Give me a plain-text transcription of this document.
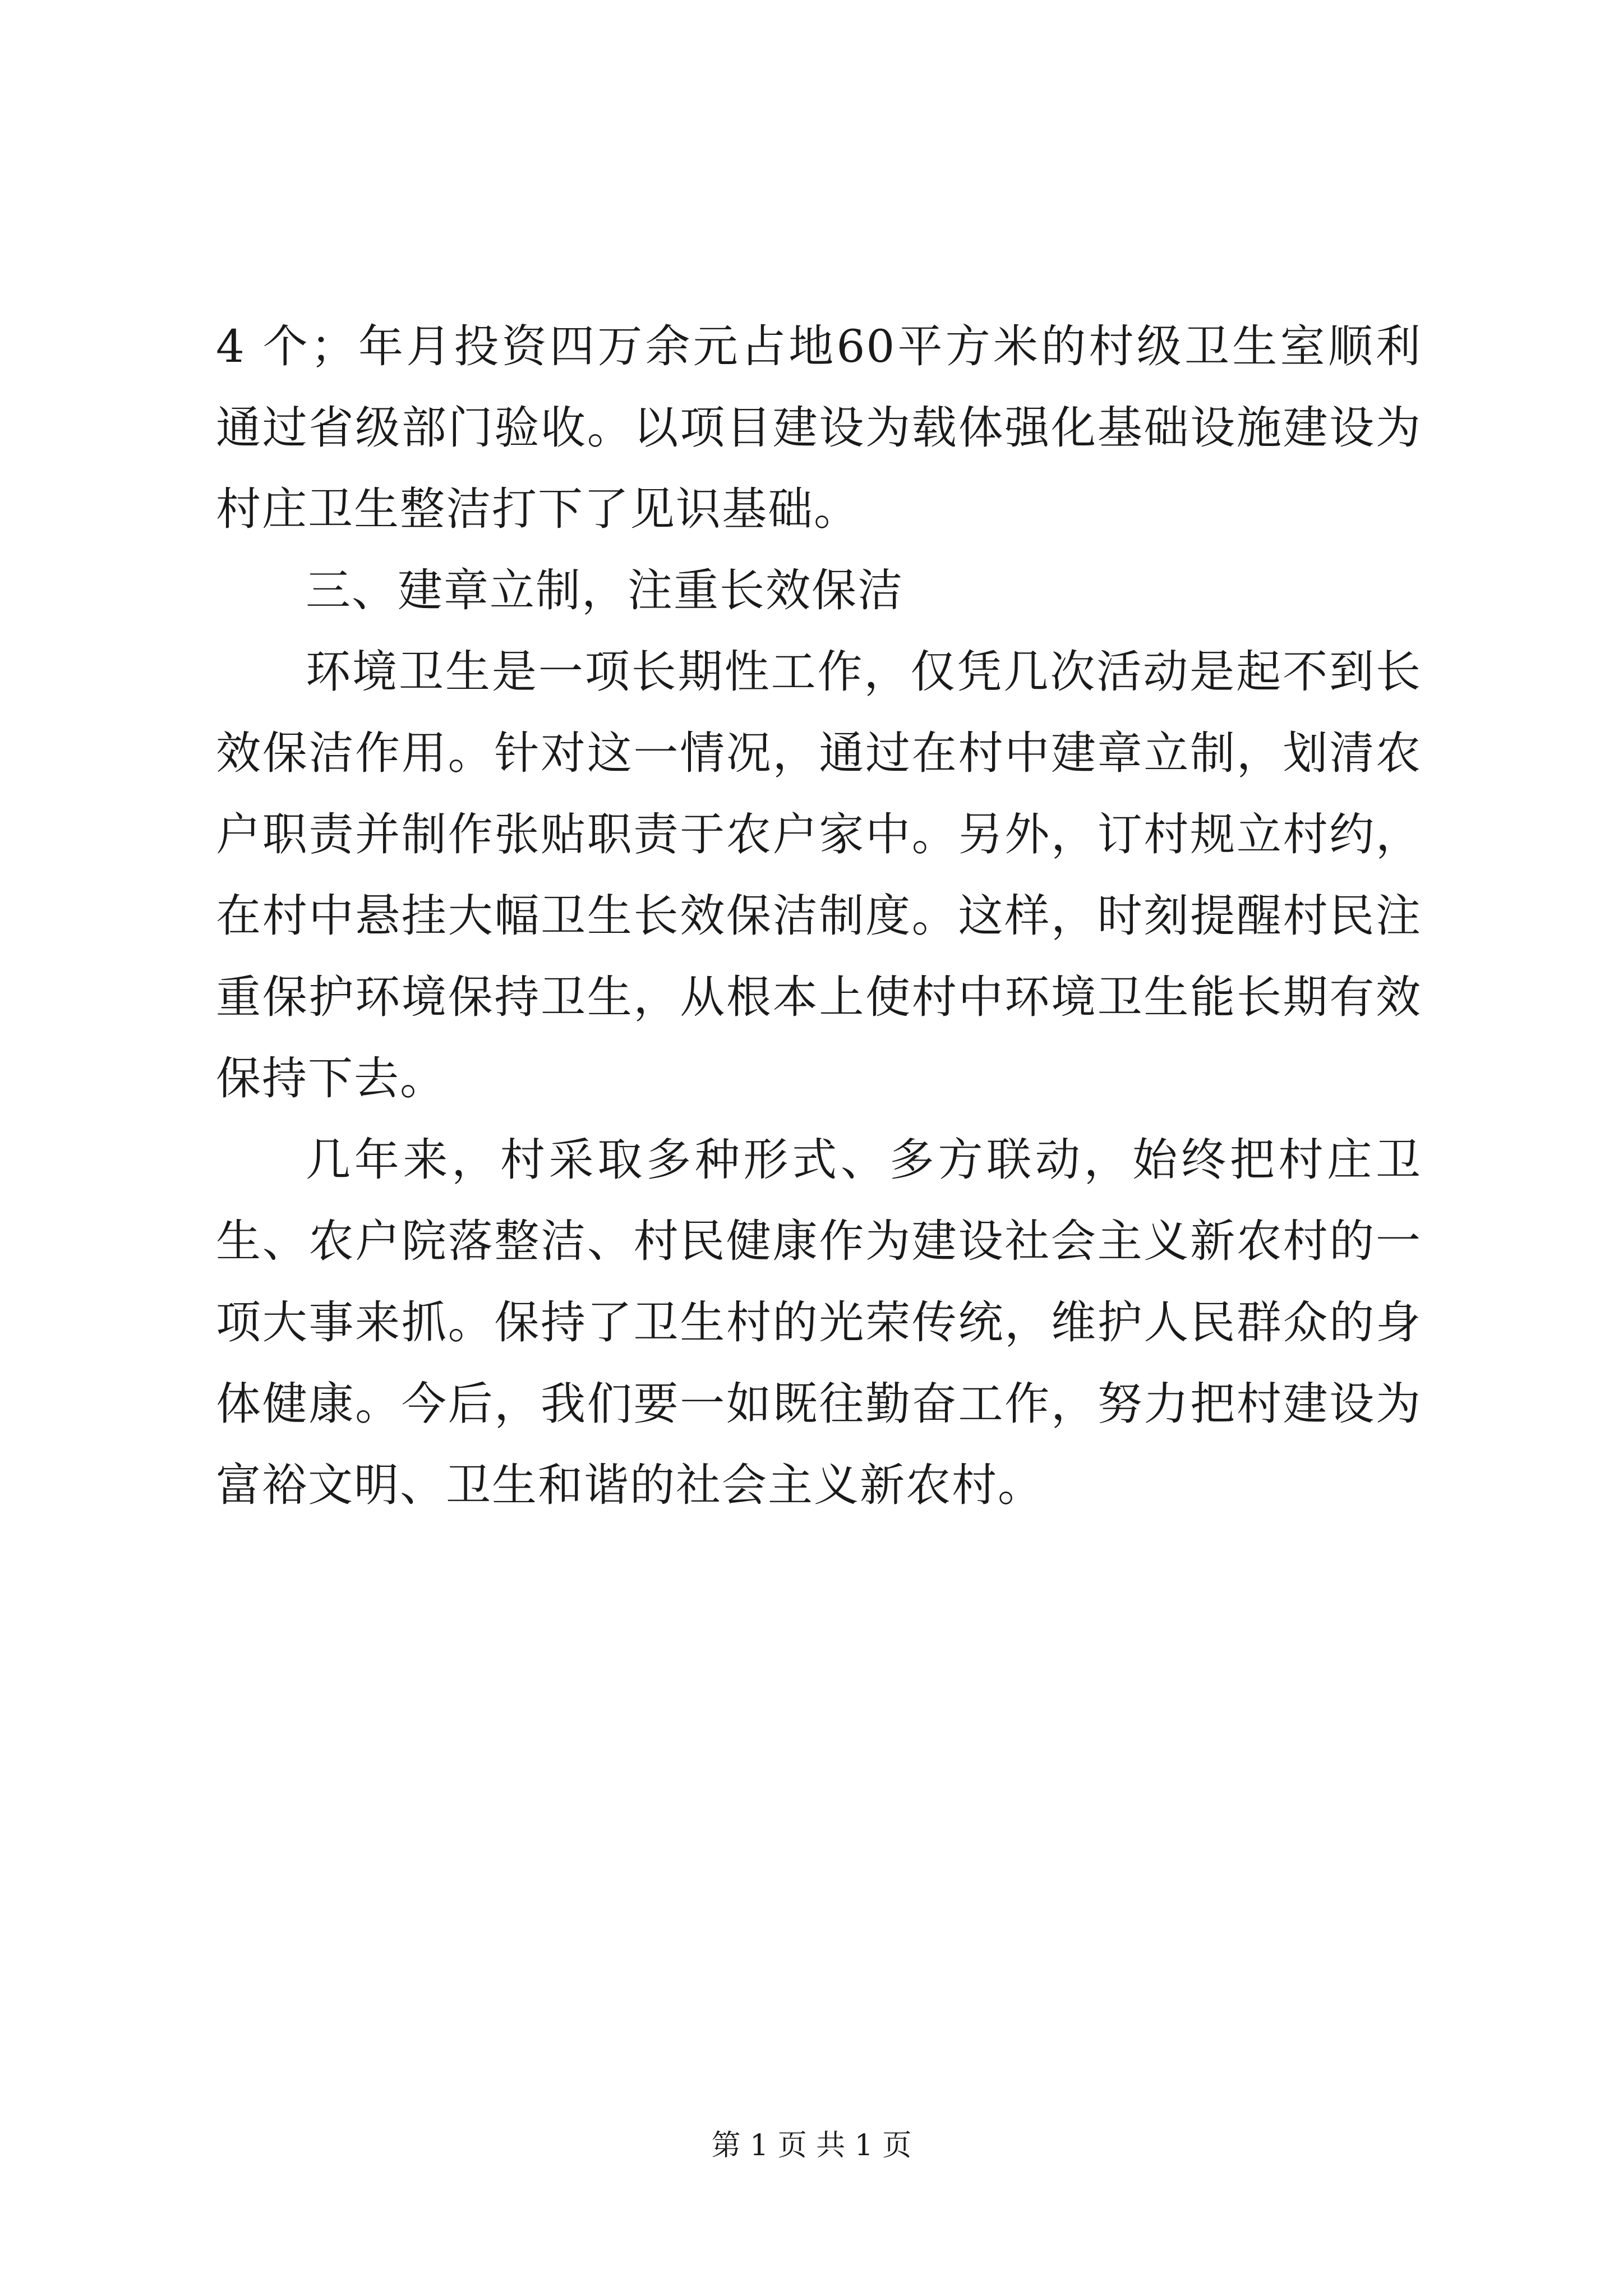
4 个；年月投资四万余元占地60平方米的村级卫生室顺利通过省级部门验收。以项目建设为载体强化基础设施建设为村庄卫生整洁打下了见识基础。

三、建章立制，注重长效保洁

环境卫生是一项长期性工作，仅凭几次活动是起不到长效保洁作用。针对这一情况，通过在村中建章立制，划清农户职责并制作张贴职责于农户家中。另外，订村规立村约，在村中悬挂大幅卫生长效保洁制度。这样，时刻提醒村民注重保护环境保持卫生，从根本上使村中环境卫生能长期有效保持下去。

几年来，村采取多种形式、多方联动，始终把村庄卫生、农户院落整洁、村民健康作为建设社会主义新农村的一项大事来抓。保持了卫生村的光荣传统，维护人民群众的身体健康。今后，我们要一如既往勤奋工作，努力把村建设为富裕文明、卫生和谐的社会主义新农村。

第 1 页 共 1 页
